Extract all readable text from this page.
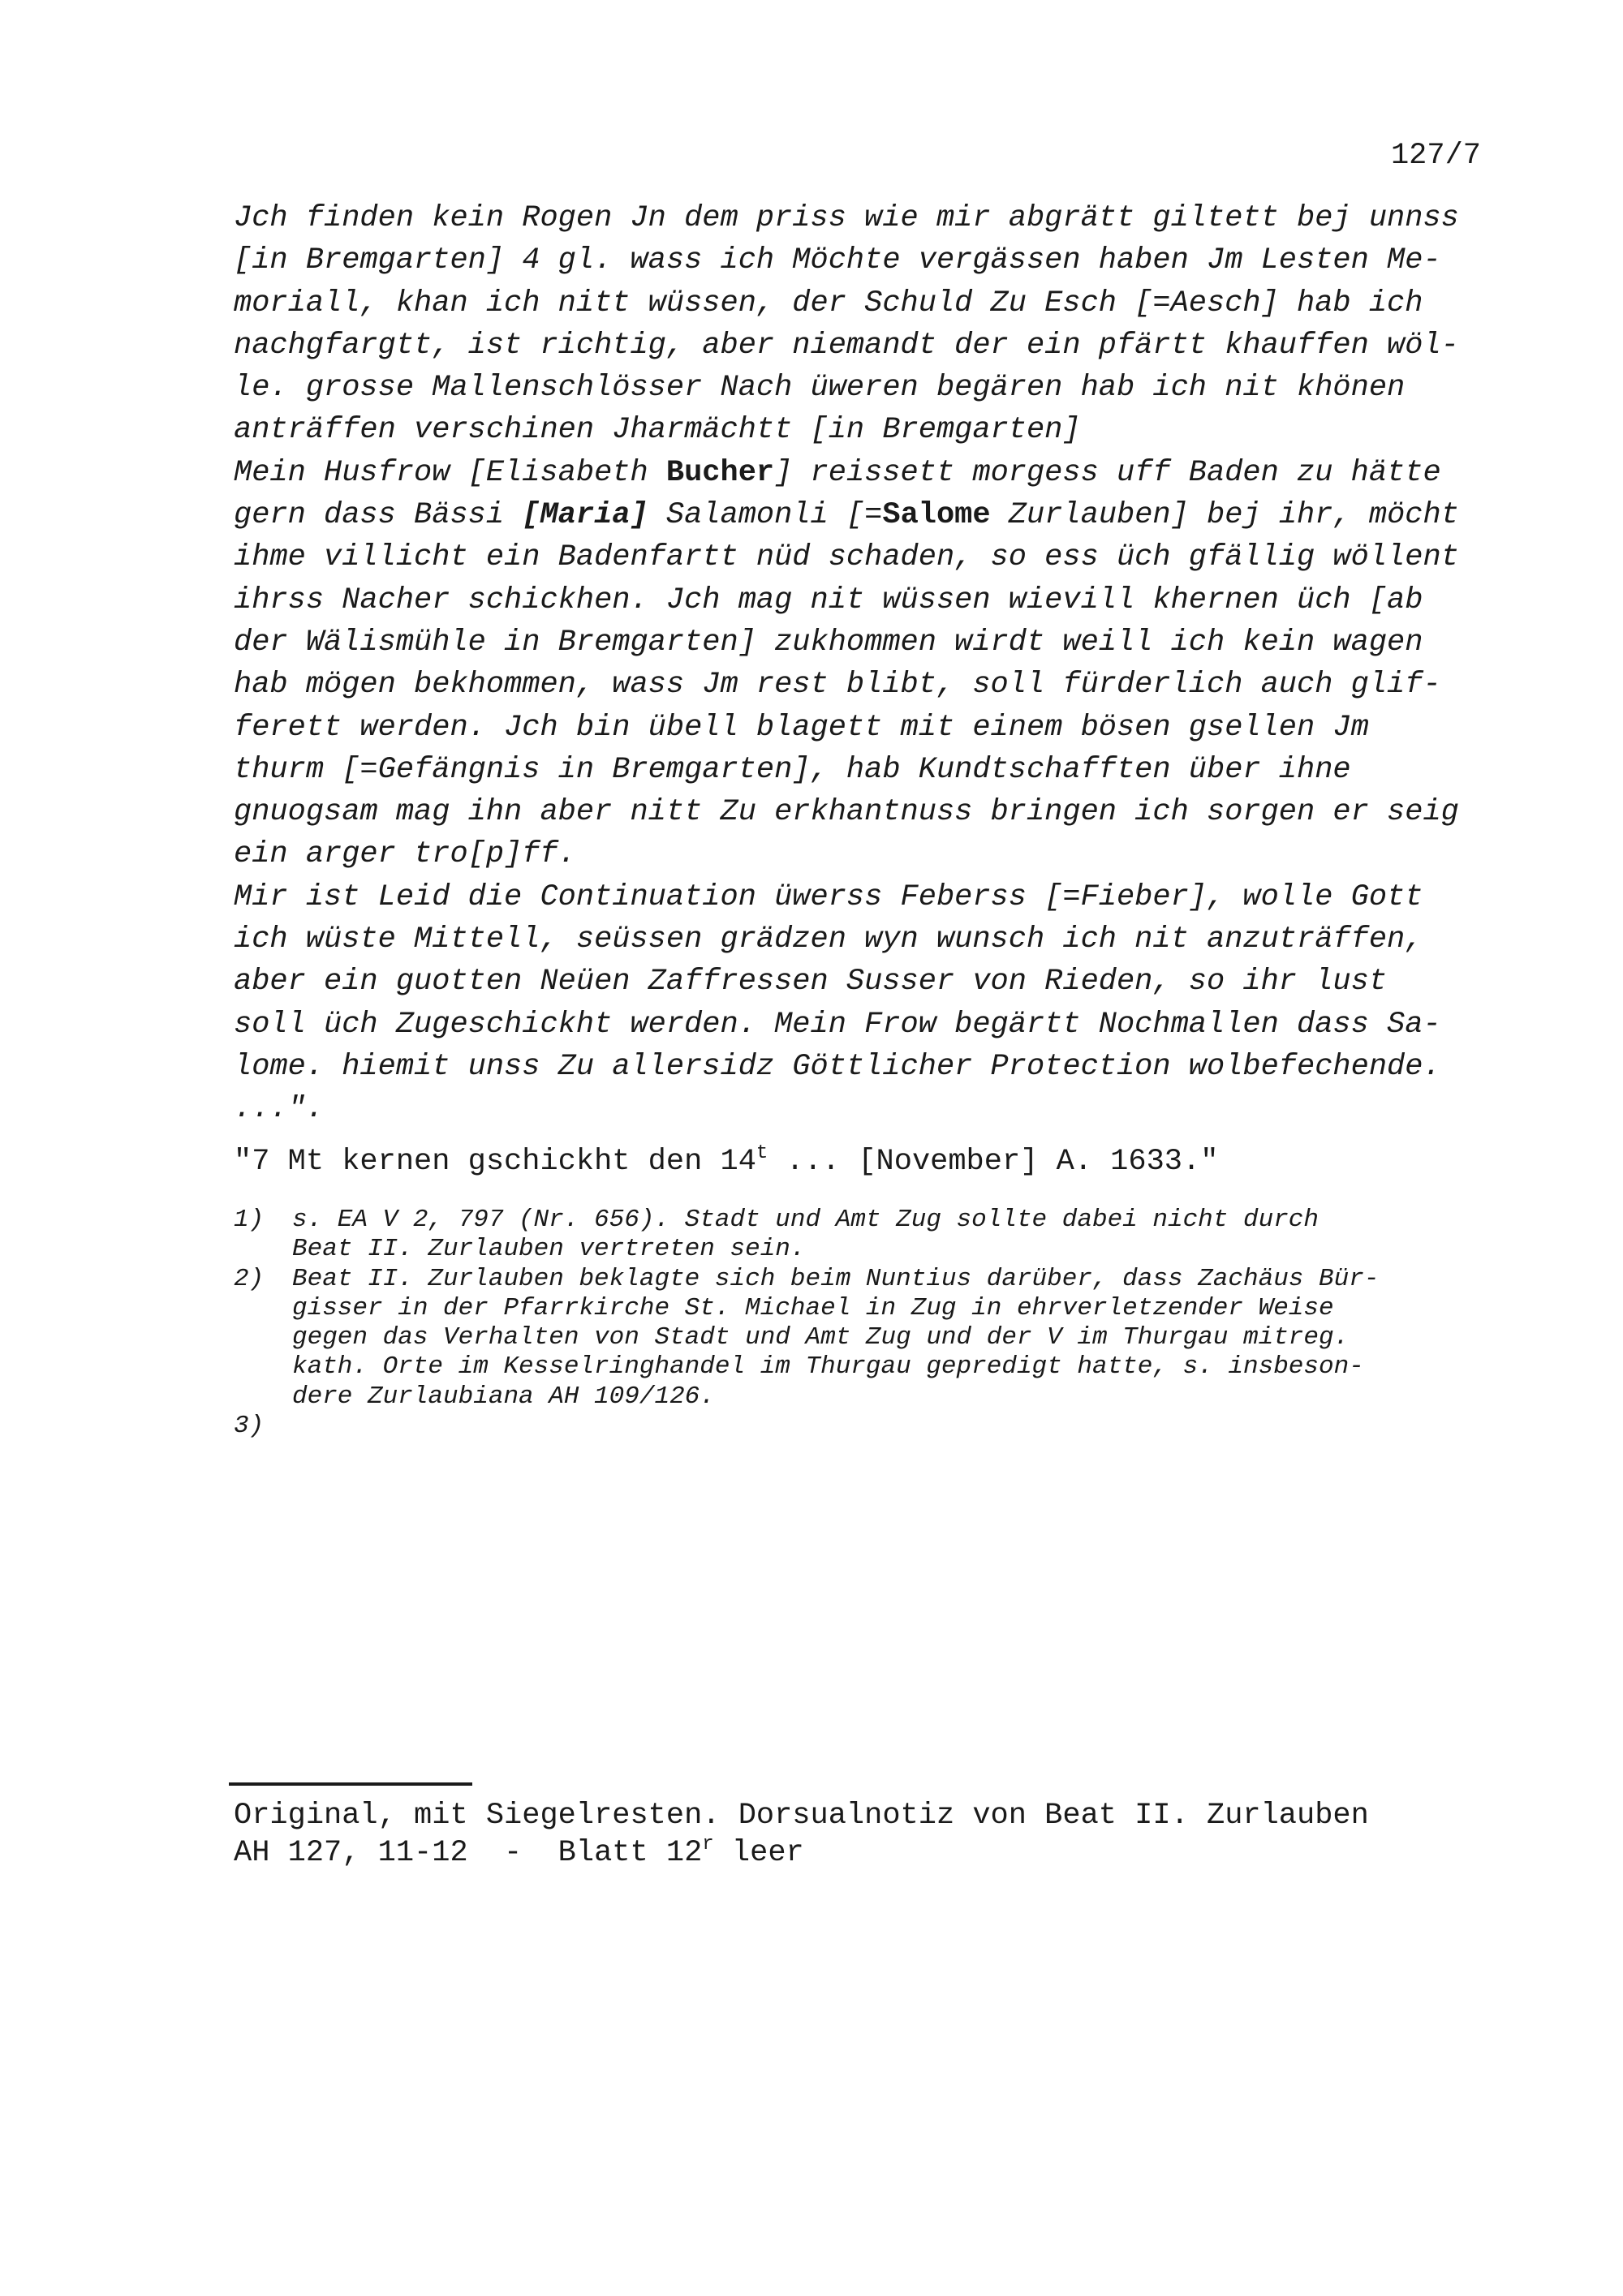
127/7
Jch finden kein Rogen Jn dem priss wie mir abgrätt giltett bej unnss
[in Bremgarten] 4 gl. wass ich Möchte vergässen haben Jm Lesten Me-
moriall, khan ich nitt wüssen, der Schuld Zu Esch [=Aesch] hab ich
nachgfargtt, ist richtig, aber niemandt der ein pfärtt khauffen wöl-
le. grosse Mallenschlösser Nach üweren begären hab ich nit khönen
anträffen verschinen Jharmächtt [in Bremgarten]
Mein Husfrow [Elisabeth Bucher] reissett morgess uff Baden zu hätte
gern dass Bässi [Maria] Salamonli [=Salome Zurlauben] bej ihr, möcht
ihme villicht ein Badenfartt nüd schaden, so ess üch gfällig wöllent
ihrss Nacher schickhen. Jch mag nit wüssen wievill khernen üch [ab
der Wälismühle in Bremgarten] zukhommen wirdt weill ich kein wagen
hab mögen bekhommen, wass Jm rest blibt, soll fürderlich auch glif-
ferett werden. Jch bin übell blagett mit einem bösen gsellen Jm
thurm [=Gefängnis in Bremgarten], hab Kundtschafften über ihne
gnuogsam mag ihn aber nitt Zu erkhantnuss bringen ich sorgen er seig
ein arger tro[p]ff.
Mir ist Leid die Continuation üwerss Feberss [=Fieber], wolle Gott
ich wüste Mittell, seüssen grädzen wyn wunsch ich nit anzuträffen,
aber ein guotten Neüen Zaffressen Susser von Rieden, so ihr lust
soll üch Zugeschickht werden. Mein Frow begärtt Nochmallen dass Sa-
lome. hiemit unss Zu allersidz Göttlicher Protection wolbefechende.
...".
"7 Mt kernen gschickht den 14$^t$ ... [November] A. 1633."
1)	s. EA V 2, 797 (Nr. 656). Stadt und Amt Zug sollte dabei nicht durch
Beat II. Zurlauben vertreten sein.
2)	Beat II. Zurlauben beklagte sich beim Nuntius darüber, dass Zachäus Bür-
gisser in der Pfarrkirche St. Michael in Zug in ehrverletzender Weise
gegen das Verhalten von Stadt und Amt Zug und der V im Thurgau mitreg.
kath. Orte im Kesselringhandel im Thurgau gepredigt hatte, s. insbeson-
dere Zurlaubiana AH 109/126.
3)
Original, mit Siegelresten. Dorsualnotiz von Beat II. Zurlauben
AH 127, 11-12  -  Blatt 12$^r$ leer
